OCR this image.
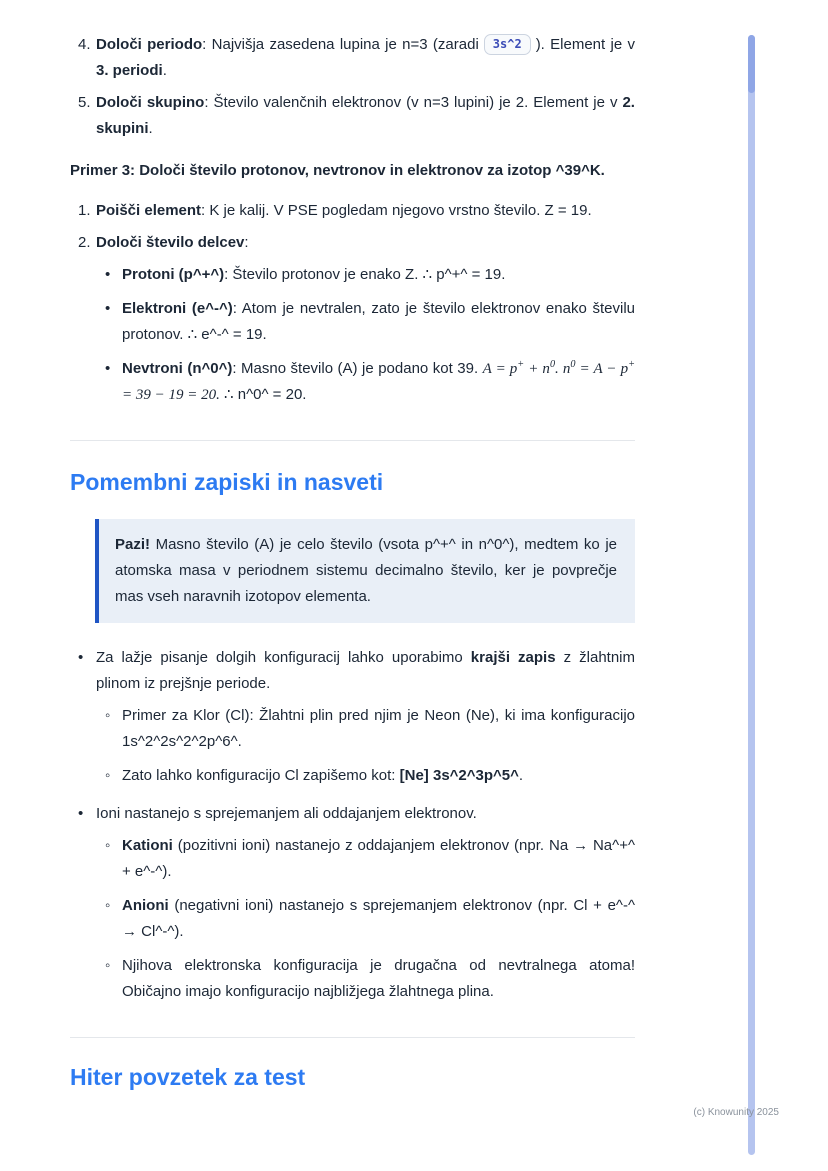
4. Določi periodo: Najvišja zasedena lupina je n=3 (zaradi 3s^2 ). Element je v 3. periodi.
5. Določi skupino: Število valenčnih elektronov (v n=3 lupini) je 2. Element je v 2. skupini.

Primer 3: Določi število protonov, nevtronov in elektronov za izotop ^39^K.

1. Poišči element: K je kalij. V PSE pogledam njegovo vrstno število. Z = 19.
2. Določi število delcev:
• Protoni (p^+^): Število protonov je enako Z. ∴ p^+^ = 19.
• Elektroni (e^-^): Atom je nevtralen, zato je število elektronov enako številu protonov. ∴ e^-^ = 19.
• Nevtroni (n^0^): Masno število (A) je podano kot 39. $A = p^+ + n^0$. $n^0 = A - p^+ = 39 - 19 = 20$. ∴ n^0^ = 20.
Pomembni zapiski in nasveti
Pazi! Masno število (A) je celo število (vsota p^+^ in n^0^), medtem ko je atomska masa v periodnem sistemu decimalno število, ker je povprečje mas vseh naravnih izotopov elementa.
• Za lažje pisanje dolgih konfiguracij lahko uporabimo krajši zapis z žlahtnim plinom iz prejšnje periode.
◦ Primer za Klor (Cl): Žlahtni plin pred njim je Neon (Ne), ki ima konfiguracijo 1s^2^2s^2^2p^6^.
◦ Zato lahko konfiguracijo Cl zapišemo kot: [Ne] 3s^2^3p^5^.
• Ioni nastanejo s sprejemanjem ali oddajanjem elektronov.
◦ Kationi (pozitivni ioni) nastanejo z oddajanjem elektronov (npr. Na → Na^+^ + e^-^).
◦ Anioni (negativni ioni) nastanejo s sprejemanjem elektronov (npr. Cl + e^-^ → Cl^-^).
◦ Njihova elektronska konfiguracija je drugačna od nevtralnega atoma! Običajno imajo konfiguracijo najbližjega žlahtnega plina.
Hiter povzetek za test
(c) Knowunity 2025
